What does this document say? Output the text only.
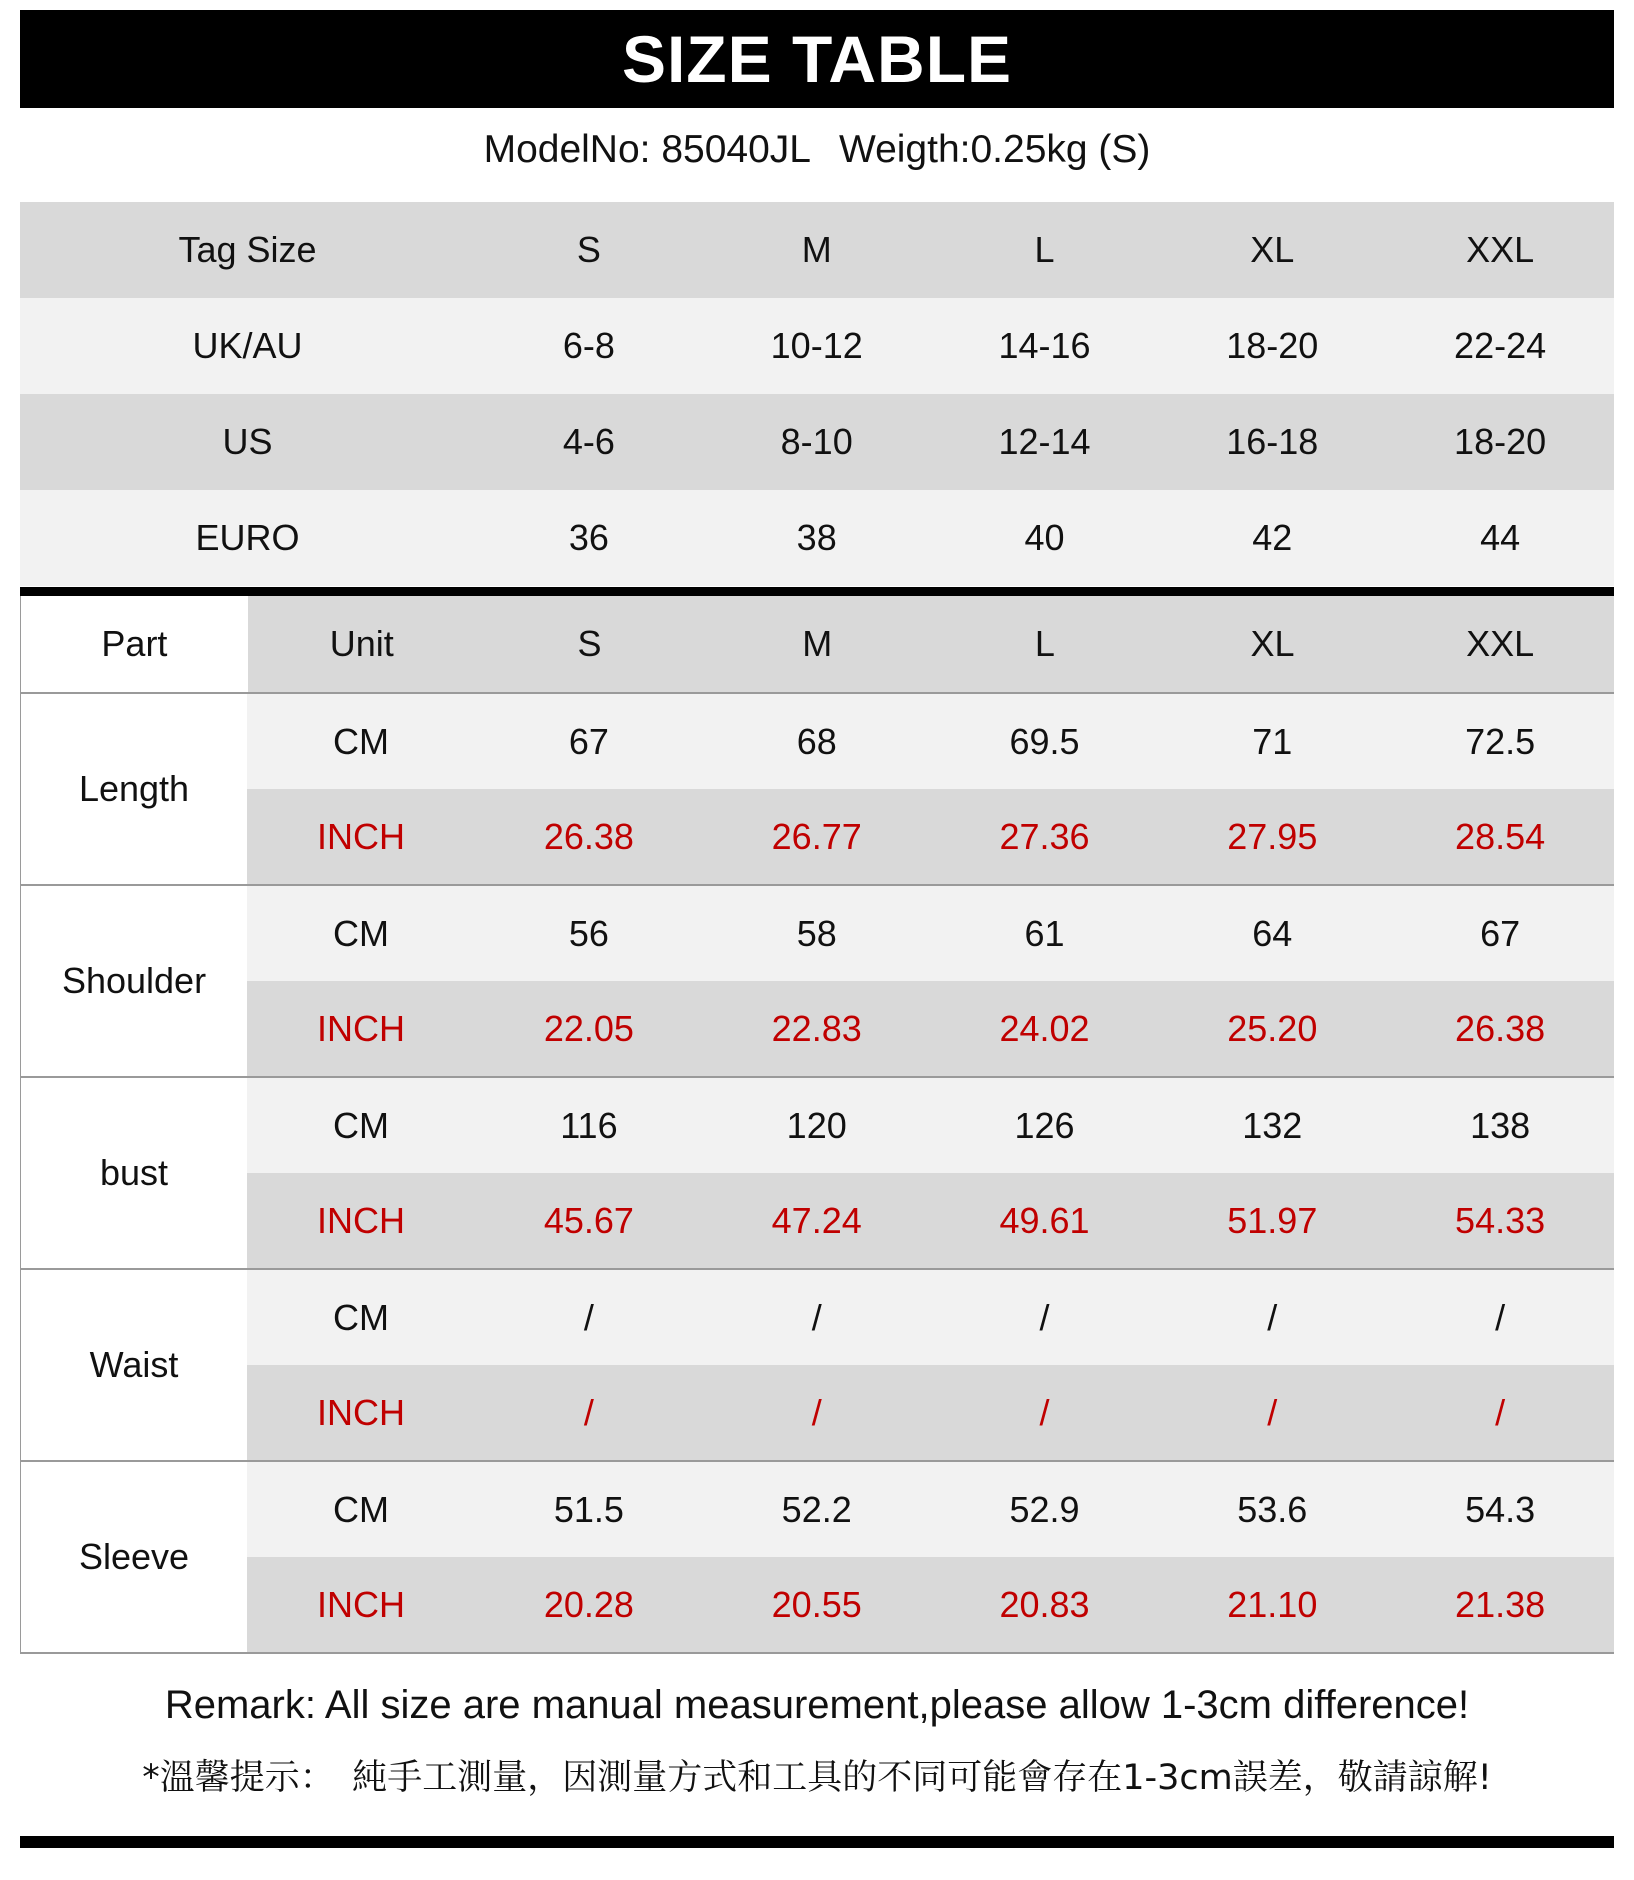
SIZE TABLE
ModelNo: 85040JL Weigth:0.25kg (S)
Tag Size	S	M	L	XL	XXL
UK/AU	6-8	10-12	14-16	18-20	22-24
US	4-6	8-10	12-14	16-18	18-20
EURO	36	38	40	42	44
Part	Unit	S	M	L	XL	XXL
Length
CM	67	68	69.5	71	72.5
INCH	26.38	26.77	27.36	27.95	28.54
Shoulder
CM	56	58	61	64	67
INCH	22.05	22.83	24.02	25.20	26.38
bust
CM	116	120	126	132	138
INCH	45.67	47.24	49.61	51.97	54.33
Waist
CM	/	/	/	/	/
INCH	/	/	/	/	/
Sleeve
CM	51.5	52.2	52.9	53.6	54.3
INCH	20.28	20.55	20.83	21.10	21.38
Remark: All size are manual measurement,please allow 1-3cm difference!
*溫馨提示：　純手工測量，因測量方式和工具的不同可能會存在1-3cm誤差，敬請諒解!
